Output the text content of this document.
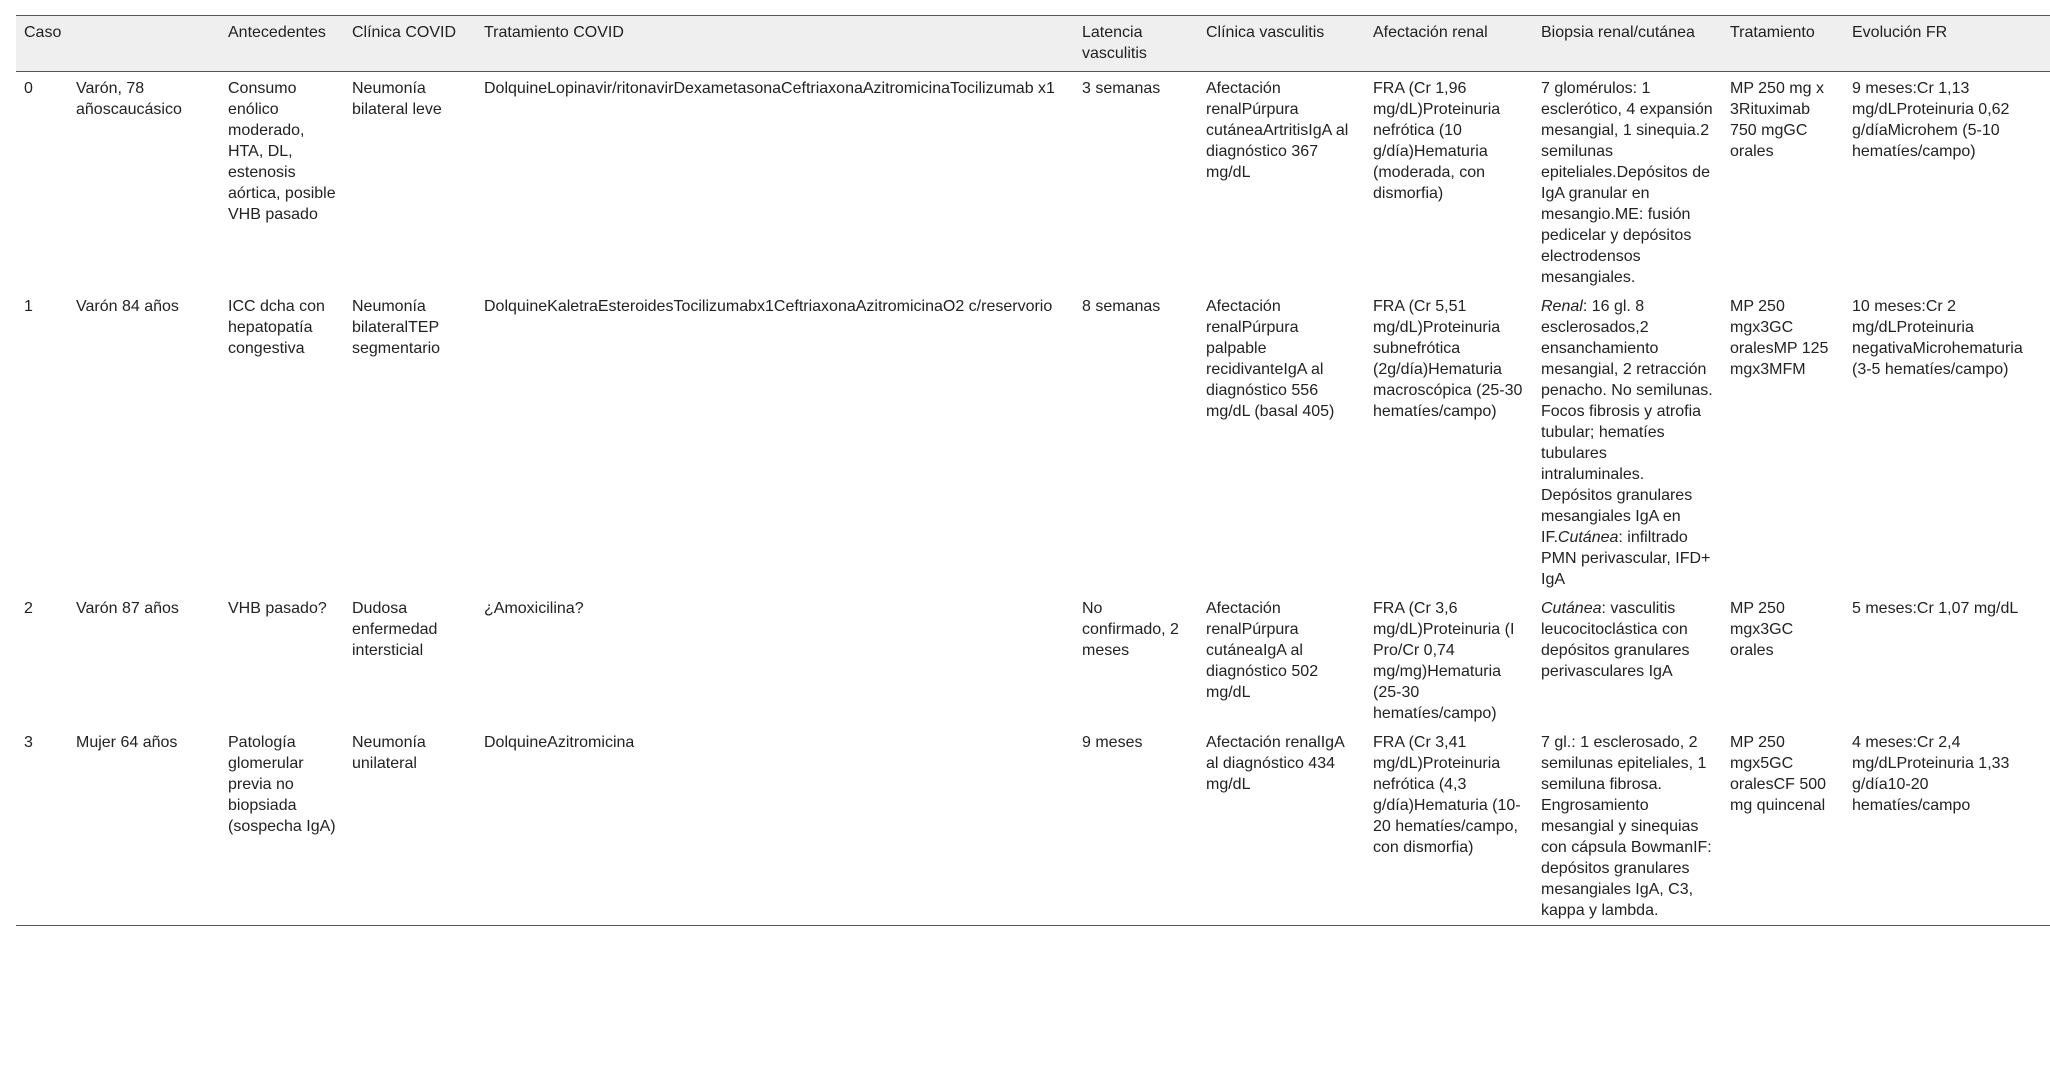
Caso		Antecedentes	Clínica COVID	Tratamiento COVID	Latencia vasculitis	Clínica vasculitis	Afectación renal	Biopsia renal/cutánea	Tratamiento	Evolución FR
0	Varón, 78 añoscaucásico	Consumo enólico moderado, HTA, DL, estenosis aórtica, posible VHB pasado	Neumonía bilateral leve	DolquineLopinavir/ritonavirDexametasonaCeftriaxonaAzitromicinaTocilizumab x1	3 semanas	Afectación renalPúrpura cutáneaArtritisIgA al diagnóstico 367 mg/dL	FRA (Cr 1,96 mg/dL)Proteinuria nefrótica (10 g/día)Hematuria (moderada, con dismorfia)	7 glomérulos: 1 esclerótico, 4 expansión mesangial, 1 sinequia.2 semilunas epiteliales.Depósitos de IgA granular en mesangio.ME: fusión pedicelar y depósitos electrodensos mesangiales.	MP 250 mg x 3Rituximab 750 mgGC orales	9 meses:Cr 1,13 mg/dLProteinuria 0,62 g/díaMicrohem (5-10 hematíes/campo)
1	Varón 84 años	ICC dcha con hepatopatía congestiva	Neumonía bilateralTEP segmentario	DolquineKaletraEsteroidesTocilizumabx1CeftriaxonaAzitromicinaO2 c/reservorio	8 semanas	Afectación renalPúrpura palpable recidivanteIgA al diagnóstico 556 mg/dL (basal 405)	FRA (Cr 5,51 mg/dL)Proteinuria subnefrótica (2g/día)Hematuria macroscópica (25-30 hematíes/campo)	Renal: 16 gl. 8 esclerosados,2 ensanchamiento mesangial, 2 retracción penacho. No semilunas. Focos fibrosis y atrofia tubular; hematíes tubulares intraluminales. Depósitos granulares mesangiales IgA en IF.Cutánea: infiltrado PMN perivascular, IFD+ IgA	MP 250 mgx3GC oralesMP 125 mgx3MFM	10 meses:Cr 2 mg/dLProteinuria negativaMicrohematuria (3-5 hematíes/campo)
2	Varón 87 años	VHB pasado?	Dudosa enfermedad intersticial	¿Amoxicilina?	No confirmado, 2 meses	Afectación renalPúrpura cutáneaIgA al diagnóstico 502 mg/dL	FRA (Cr 3,6 mg/dL)Proteinuria (I Pro/Cr 0,74 mg/mg)Hematuria (25-30 hematíes/campo)	Cutánea: vasculitis leucocitoclástica con depósitos granulares perivasculares IgA	MP 250 mgx3GC orales	5 meses:Cr 1,07 mg/dL
3	Mujer 64 años	Patología glomerular previa no biopsiada (sospecha IgA)	Neumonía unilateral	DolquineAzitromicina	9 meses	Afectación renalIgA al diagnóstico 434 mg/dL	FRA (Cr 3,41 mg/dL)Proteinuria nefrótica (4,3 g/día)Hematuria (10-20 hematíes/campo, con dismorfia)	7 gl.: 1 esclerosado, 2 semilunas epiteliales, 1 semiluna fibrosa. Engrosamiento mesangial y sinequias con cápsula BowmanIF: depósitos granulares mesangiales IgA, C3, kappa y lambda.	MP 250 mgx5GC oralesCF 500 mg quincenal	4 meses:Cr 2,4 mg/dLProteinuria 1,33 g/día10-20 hematíes/campo
